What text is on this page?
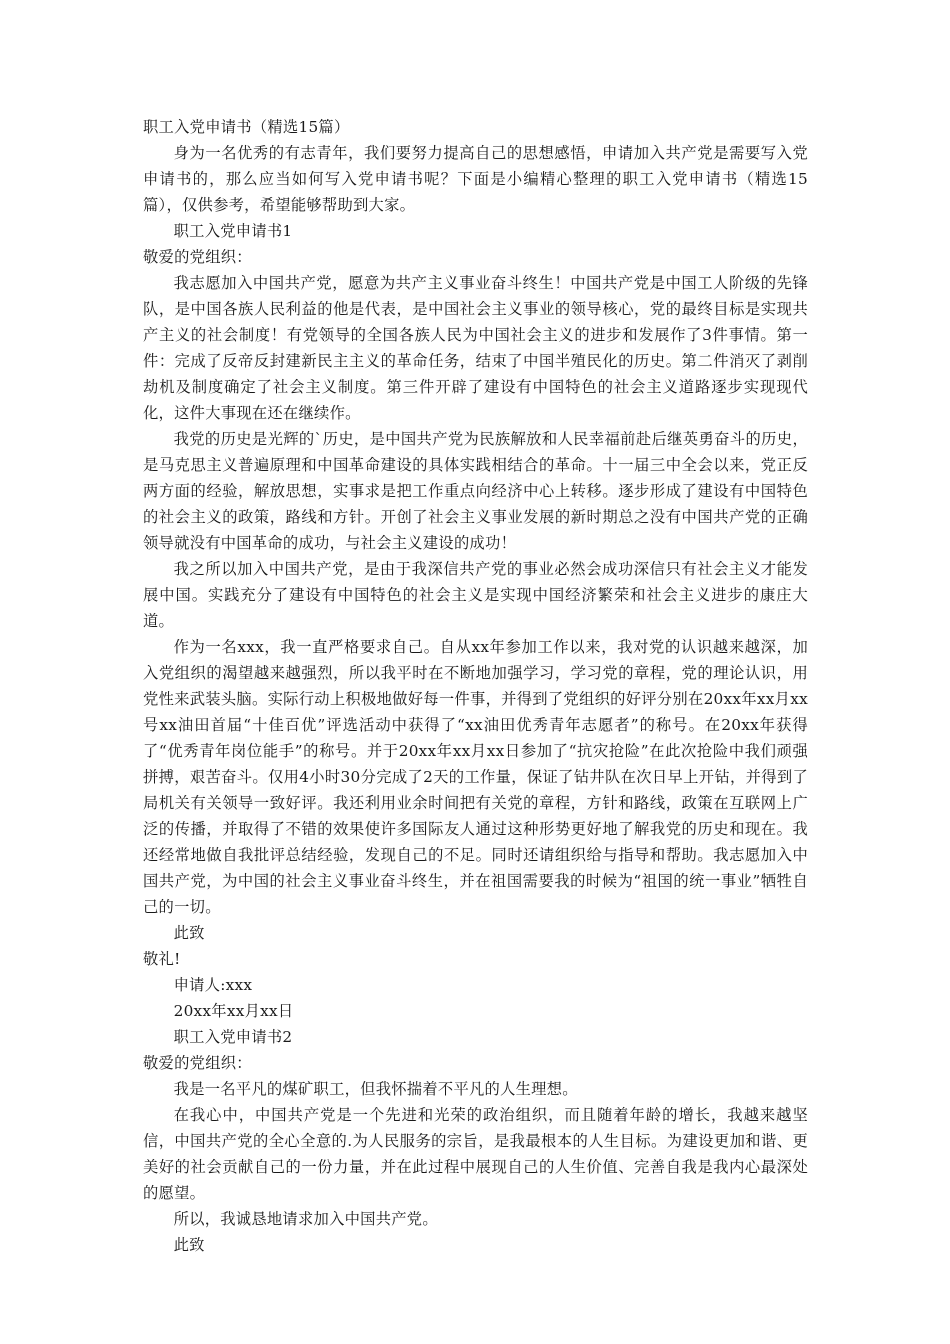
职工入党申请书（精选15篇）

身为一名优秀的有志青年，我们要努力提高自己的思想感悟，申请加入共产党是需要写入党申请书的，那么应当如何写入党申请书呢？下面是小编精心整理的职工入党申请书（精选15篇），仅供参考，希望能够帮助到大家。

职工入党申请书1

敬爱的党组织：

我志愿加入中国共产党，愿意为共产主义事业奋斗终生！中国共产党是中国工人阶级的先锋队，是中国各族人民利益的他是代表，是中国社会主义事业的领导核心，党的最终目标是实现共产主义的社会制度！有党领导的全国各族人民为中国社会主义的进步和发展作了3件事情。第一件：完成了反帝反封建新民主主义的革命任务，结束了中国半殖民化的历史。第二件消灭了剥削劫机及制度确定了社会主义制度。第三件开辟了建设有中国特色的社会主义道路逐步实现现代化，这件大事现在还在继续作。

我党的历史是光辉的`历史，是中国共产党为民族解放和人民幸福前赴后继英勇奋斗的历史，是马克思主义普遍原理和中国革命建设的具体实践相结合的革命。十一届三中全会以来，党正反两方面的经验，解放思想，实事求是把工作重点向经济中心上转移。逐步形成了建设有中国特色的社会主义的政策，路线和方针。开创了社会主义事业发展的新时期总之没有中国共产党的正确领导就没有中国革命的成功，与社会主义建设的成功！

我之所以加入中国共产党，是由于我深信共产党的事业必然会成功深信只有社会主义才能发展中国。实践充分了建设有中国特色的社会主义是实现中国经济繁荣和社会主义进步的康庄大道。

作为一名xxx，我一直严格要求自己。自从xx年参加工作以来，我对党的认识越来越深，加入党组织的渴望越来越强烈，所以我平时在不断地加强学习，学习党的章程，党的理论认识，用党性来武装头脑。实际行动上积极地做好每一件事，并得到了党组织的好评分别在20xx年xx月xx号xx油田首届“十佳百优”评选活动中获得了“xx油田优秀青年志愿者”的称号。在20xx年获得了“优秀青年岗位能手”的称号。并于20xx年xx月xx日参加了“抗灾抢险”在此次抢险中我们顽强拼搏，艰苦奋斗。仅用4小时30分完成了2天的工作量，保证了钻井队在次日早上开钻，并得到了局机关有关领导一致好评。我还利用业余时间把有关党的章程，方针和路线，政策在互联网上广泛的传播，并取得了不错的效果使许多国际友人通过这种形势更好地了解我党的历史和现在。我还经常地做自我批评总结经验，发现自己的不足。同时还请组织给与指导和帮助。我志愿加入中国共产党，为中国的社会主义事业奋斗终生，并在祖国需要我的时候为“祖国的统一事业”牺牲自己的一切。

此致

敬礼!

申请人:xxx

20xx年xx月xx日

职工入党申请书2

敬爱的党组织：

我是一名平凡的煤矿职工，但我怀揣着不平凡的人生理想。

在我心中，中国共产党是一个先进和光荣的政治组织，而且随着年龄的增长，我越来越坚信，中国共产党的全心全意的.为人民服务的宗旨，是我最根本的人生目标。为建设更加和谐、更美好的社会贡献自己的一份力量，并在此过程中展现自己的人生价值、完善自我是我内心最深处的愿望。

所以，我诚恳地请求加入中国共产党。

此致
